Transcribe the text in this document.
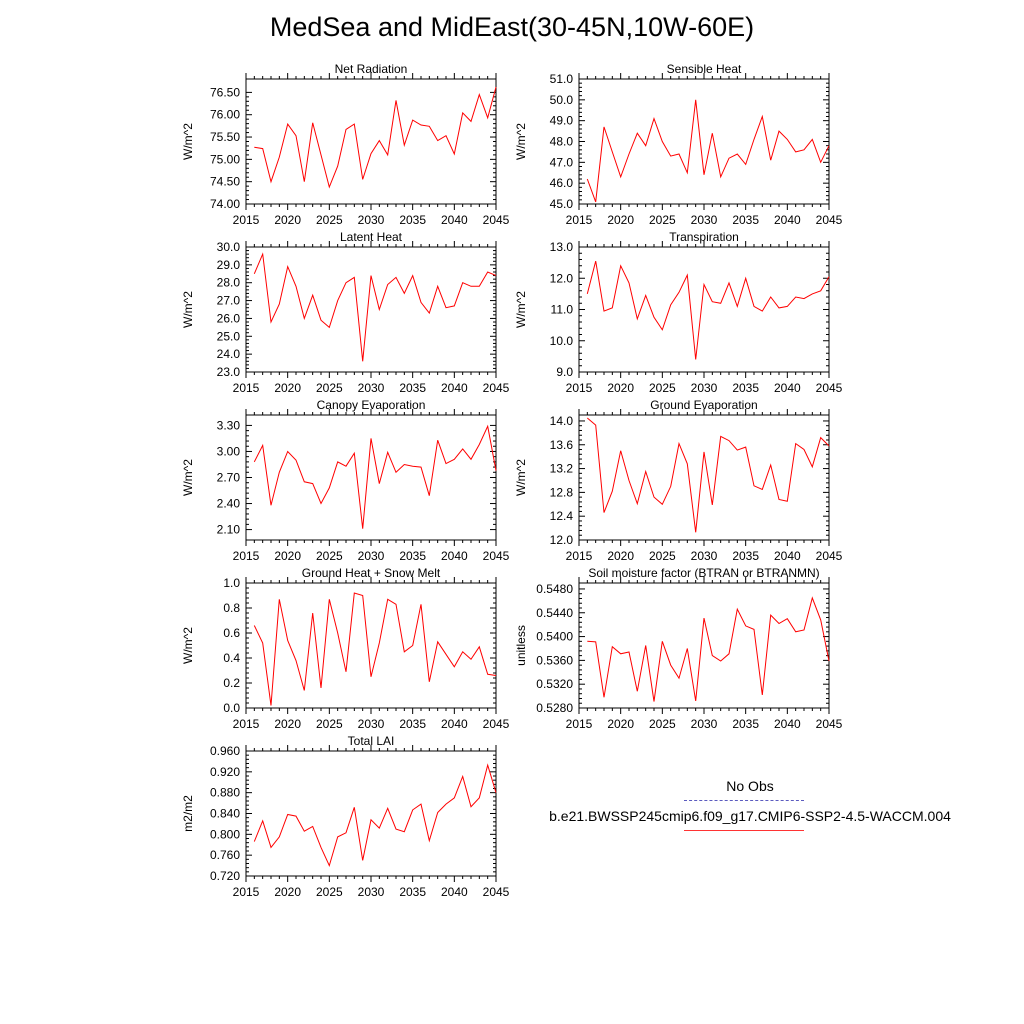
MedSea and MidEast(30-45N,10W-60E)
Net Radiation
W/m^2
74.00
74.50
75.00
75.50
76.00
76.50
2015 2020 2025 2030 2035 2040 2045
Sensible Heat
W/m^2
45.0
46.0
47.0
48.0
49.0
50.0
51.0
2015 2020 2025 2030 2035 2040 2045
Latent Heat
W/m^2
23.0
24.0
25.0
26.0
27.0
28.0
29.0
30.0
2015 2020 2025 2030 2035 2040 2045
Transpiration
W/m^2
9.0
10.0
11.0
12.0
13.0
2015 2020 2025 2030 2035 2040 2045
Canopy Evaporation
W/m^2
2.10
2.40
2.70
3.00
3.30
2015 2020 2025 2030 2035 2040 2045
Ground Evaporation
W/m^2
12.0
12.4
12.8
13.2
13.6
14.0
2015 2020 2025 2030 2035 2040 2045
Ground Heat + Snow Melt
W/m^2
0.0
0.2
0.4
0.6
0.8
1.0
2015 2020 2025 2030 2035 2040 2045
Soil moisture factor (BTRAN or BTRANMN)
unitless
0.5280
0.5320
0.5360
0.5400
0.5440
0.5480
2015 2020 2025 2030 2035 2040 2045
Total LAI
m2/m2
0.720
0.760
0.800
0.840
0.880
0.920
0.960
2015 2020 2025 2030 2035 2040 2045
No Obs
b.e21.BWSSP245cmip6.f09_g17.CMIP6-SSP2-4.5-WACCM.004
